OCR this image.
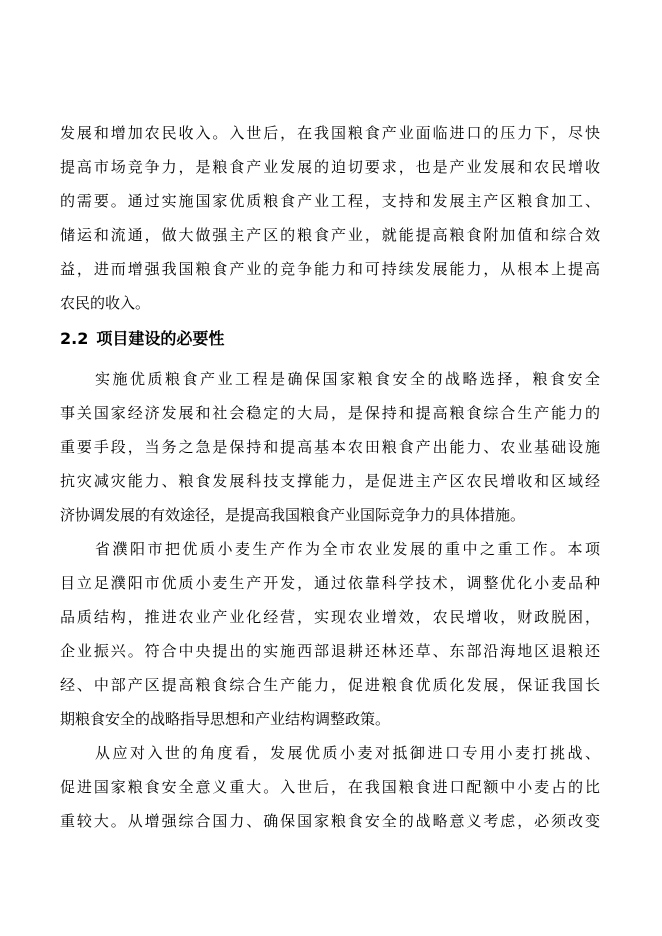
发展和增加农民收入。入世后，在我国粮食产业面临进口的压力下，尽快
提高市场竞争力，是粮食产业发展的迫切要求，也是产业发展和农民增收
的需要。通过实施国家优质粮食产业工程，支持和发展主产区粮食加工、
储运和流通，做大做强主产区的粮食产业，就能提高粮食附加值和综合效
益，进而增强我国粮食产业的竞争能力和可持续发展能力，从根本上提高
农民的收入。
2.2 项目建设的必要性
实施优质粮食产业工程是确保国家粮食安全的战略选择，粮食安全
事关国家经济发展和社会稳定的大局，是保持和提高粮食综合生产能力的
重要手段，当务之急是保持和提高基本农田粮食产出能力、农业基础设施
抗灾减灾能力、粮食发展科技支撑能力，是促进主产区农民增收和区域经
济协调发展的有效途径，是提高我国粮食产业国际竞争力的具体措施。
省濮阳市把优质小麦生产作为全市农业发展的重中之重工作。本项
目立足濮阳市优质小麦生产开发，通过依靠科学技术，调整优化小麦品种
品质结构，推进农业产业化经营，实现农业增效，农民增收，财政脱困，
企业振兴。符合中央提出的实施西部退耕还林还草、东部沿海地区退粮还
经、中部产区提高粮食综合生产能力，促进粮食优质化发展，保证我国长
期粮食安全的战略指导思想和产业结构调整政策。
从应对入世的角度看，发展优质小麦对抵御进口专用小麦打挑战、
促进国家粮食安全意义重大。入世后，在我国粮食进口配额中小麦占的比
重较大。从增强综合国力、确保国家粮食安全的战略意义考虑，必须改变
